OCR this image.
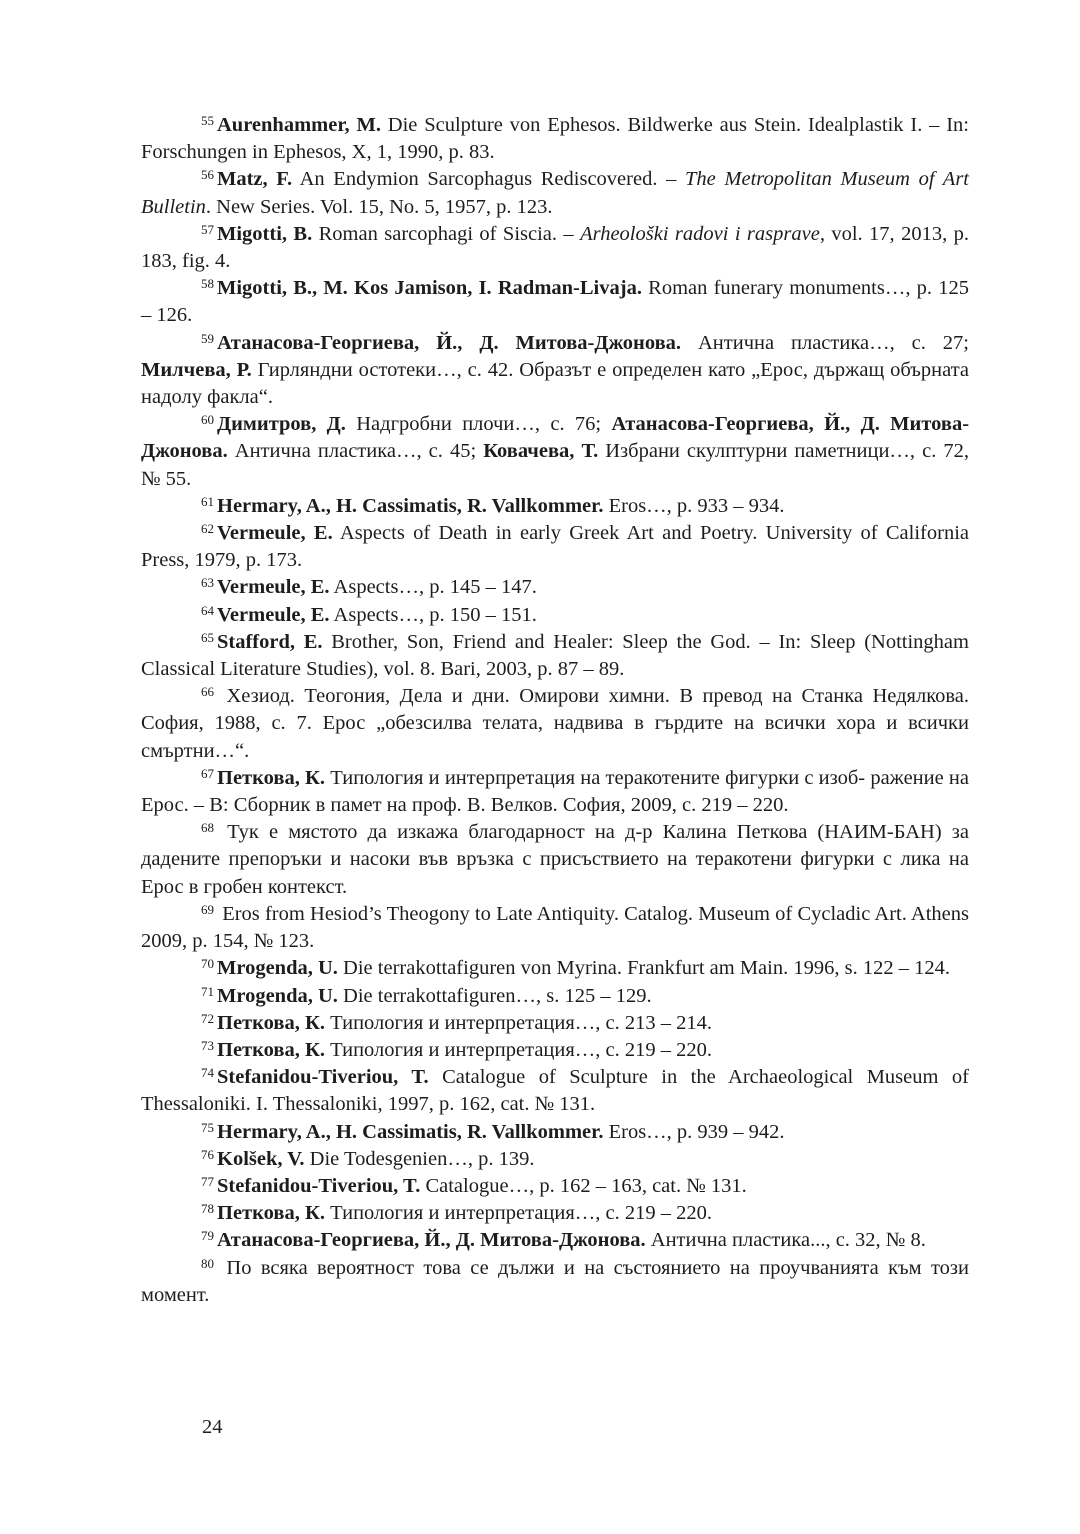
$^{55}$ Aurenhammer, M. Die Sculpture von Ephesos. Bildwerke aus Stein. Idealplastik I. – In: Forschungen in Ephesos, X, 1, 1990, p. 83.

$^{56}$ Matz, F. An Endymion Sarcophagus Rediscovered. – The Metropolitan Museum of Art Bulletin. New Series. Vol. 15, No. 5, 1957, p. 123.

$^{57}$ Migotti, B. Roman sarcophagi of Siscia. – Arheološki radovi i rasprave, vol. 17, 2013, p. 183, fig. 4.

$^{58}$ Migotti, B., M. Kos Jamison, I. Radman-Livaja. Roman funerary monuments…, p. 125 – 126.

$^{59}$ Атанасова-Георгиева, Й., Д. Митова-Джонова. Антична пластика…, с. 27; Милчева, Р. Гирляндни остотеки…, с. 42. Образът е определен като „Ерос, държащ обърната надолу факла“.

$^{60}$ Димитров, Д. Надгробни плочи…, с. 76; Атанасова-Георгиева, Й., Д. Митова-Джонова. Антична пластика…, с. 45; Ковачева, Т. Избрани скулптурни паметници…, с. 72, № 55.

$^{61}$ Hermary, A., H. Cassimatis, R. Vallkommer. Eros…, p. 933 – 934.

$^{62}$ Vermeule, E. Aspects of Death in early Greek Art and Poetry. University of California Press, 1979, p. 173.

$^{63}$ Vermeule, E. Aspects…, p. 145 – 147.

$^{64}$ Vermeule, E. Aspects…, p. 150 – 151.

$^{65}$ Stafford, E. Brother, Son, Friend and Healer: Sleep the God. – In: Sleep (Nottingham Classical Literature Studies), vol. 8. Bari, 2003, p. 87 – 89.

$^{66}$ Хезиод. Теогония, Дела и дни. Омирови химни. В превод на Станка Недялкова. София, 1988, с. 7. Ерос „обезсилва телата, надвива в гърдите на всички хора и всички смъртни…“.

$^{67}$ Петкова, К. Типология и интерпретация на теракотените фигурки с изоб- ражение на Ерос. – В: Сборник в памет на проф. В. Велков. София, 2009, с. 219 – 220.

$^{68}$ Тук е мястото да изкажа благодарност на д-р Калина Петкова (НАИМ-БАН) за дадените препоръки и насоки във връзка с присъствието на теракотени фигурки с лика на Ерос в гробен контекст.

$^{69}$ Eros from Hesiod’s Theogony to Late Antiquity. Catalog. Museum of Cycladic Art. Athens 2009, p. 154, № 123.

$^{70}$ Mrogenda, U. Die terrakottafiguren von Myrina. Frankfurt am Main. 1996, s. 122 – 124.

$^{71}$ Mrogenda, U. Die terrakottafiguren…, s. 125 – 129.

$^{72}$ Петкова, К. Типология и интерпретация…, с. 213 – 214.

$^{73}$ Петкова, К. Типология и интерпретация…, с. 219 – 220.

$^{74}$ Stefanidou-Tiveriou, T. Catalogue of Sculpture in the Archaeological Museum of Thessaloniki. I. Thessaloniki, 1997, p. 162, cat. № 131.

$^{75}$ Hermary, A., H. Cassimatis, R. Vallkommer. Eros…, p. 939 – 942.

$^{76}$ Kolšek, V. Die Todesgenien…, p. 139.

$^{77}$ Stefanidou-Tiveriou, T. Catalogue…, p. 162 – 163, cat. № 131.

$^{78}$ Петкова, К. Типология и интерпретация…, с. 219 – 220.

$^{79}$ Атанасова-Георгиева, Й., Д. Митова-Джонова. Антична пластика..., с. 32, № 8.

$^{80}$ По всяка вероятност това се дължи и на състоянието на проучванията към този момент.

24
